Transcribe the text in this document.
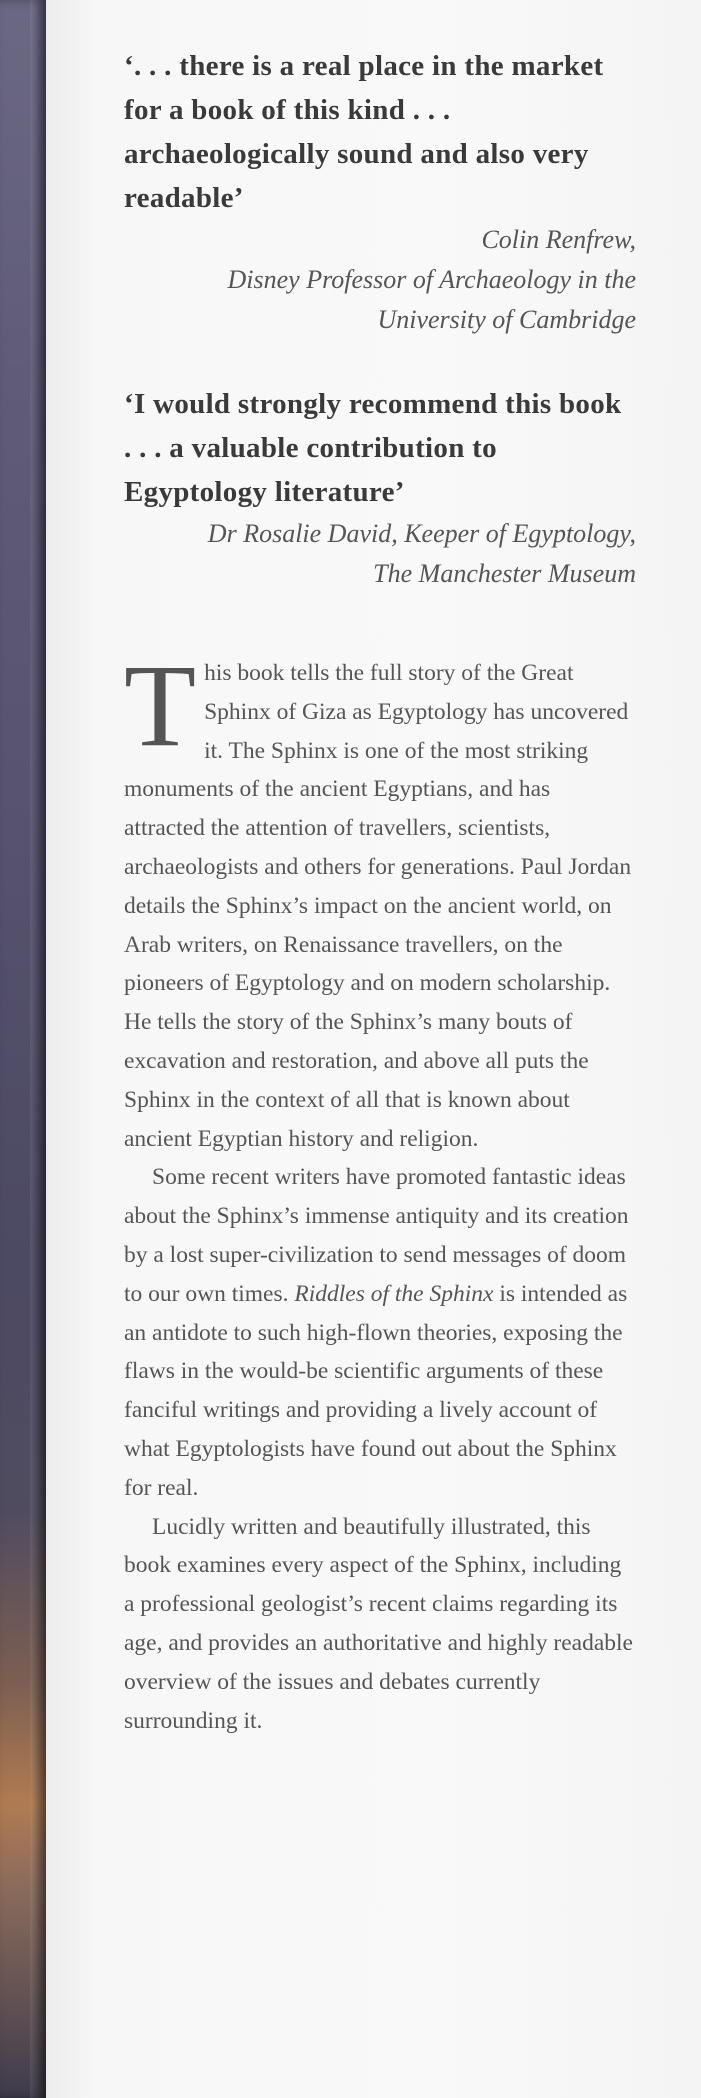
‘. . . there is a real place in the market for a book of this kind . . . archaeologically sound and also very readable’

Colin Renfrew,
Disney Professor of Archaeology in the
University of Cambridge

‘I would strongly recommend this book . . . a valuable contribution to Egyptology literature’

Dr Rosalie David, Keeper of Egyptology,
The Manchester Museum

This book tells the full story of the Great Sphinx of Giza as Egyptology has uncovered it. The Sphinx is one of the most striking monuments of the ancient Egyptians, and has attracted the attention of travellers, scientists, archaeologists and others for generations. Paul Jordan details the Sphinx’s impact on the ancient world, on Arab writers, on Renaissance travellers, on the pioneers of Egyptology and on modern scholarship. He tells the story of the Sphinx’s many bouts of excavation and restoration, and above all puts the Sphinx in the context of all that is known about ancient Egyptian history and religion.

Some recent writers have promoted fantastic ideas about the Sphinx’s immense antiquity and its creation by a lost super-civilization to send messages of doom to our own times. Riddles of the Sphinx is intended as an antidote to such high-flown theories, exposing the flaws in the would-be scientific arguments of these fanciful writings and providing a lively account of what Egyptologists have found out about the Sphinx for real.

Lucidly written and beautifully illustrated, this book examines every aspect of the Sphinx, including a professional geologist’s recent claims regarding its age, and provides an authoritative and highly readable overview of the issues and debates currently surrounding it.
